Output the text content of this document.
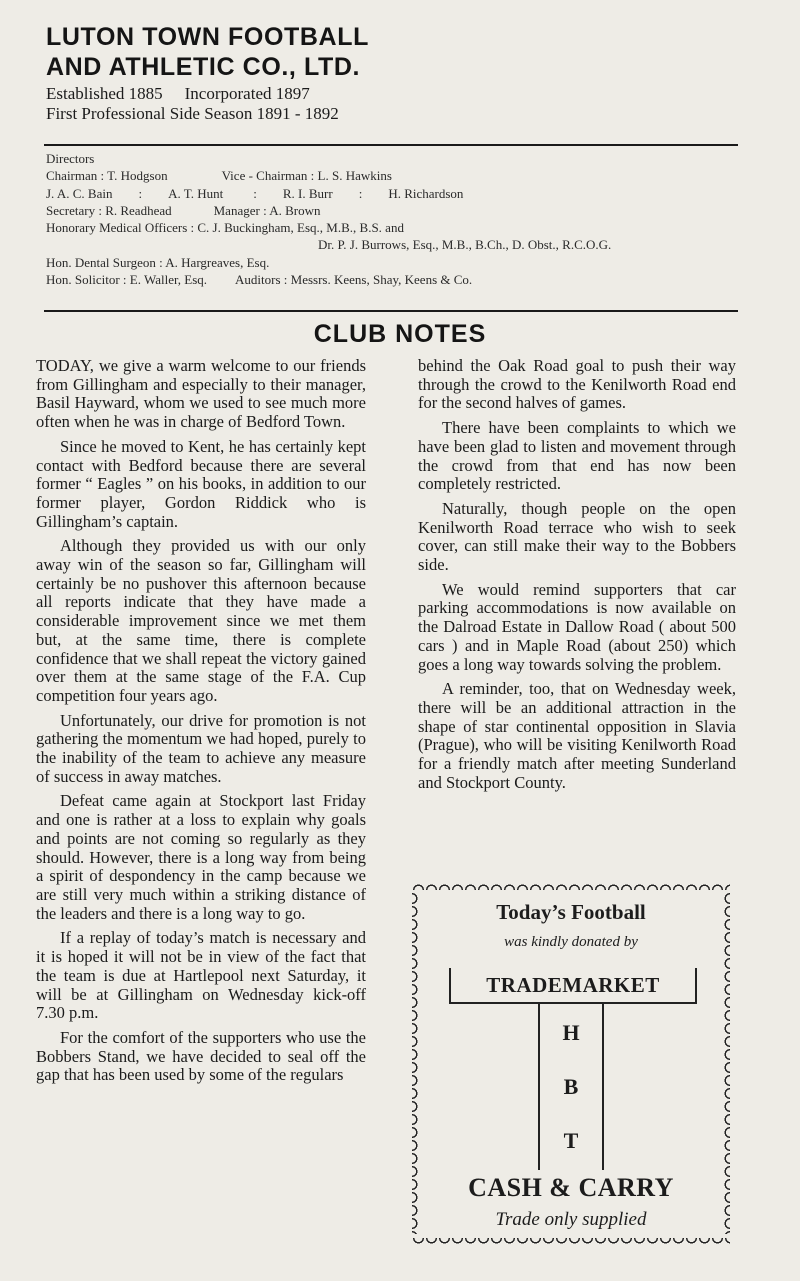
LUTON TOWN FOOTBALL
AND ATHLETIC CO., LTD.
Established 1885 Incorporated 1897
First Professional Side Season 1891 - 1892
Directors
Chairman : T. Hodgson	Vice - Chairman : L. S. Hawkins
J. A. C. Bain : A. T. Hunt : R. I. Burr : H. Richardson
Secretary : R. Readhead	Manager : A. Brown
Honorary Medical Officers : C. J. Buckingham, Esq., M.B., B.S. and
Dr. P. J. Burrows, Esq., M.B., B.Ch., D. Obst., R.C.O.G.
Hon. Dental Surgeon : A. Hargreaves, Esq.
Hon. Solicitor : E. Waller, Esq. Auditors : Messrs. Keens, Shay, Keens & Co.
CLUB NOTES

TODAY, we give a warm welcome to our friends from Gillingham and especially to their manager, Basil Hayward, whom we used to see much more often when he was in charge of Bedford Town.

Since he moved to Kent, he has certainly kept contact with Bedford because there are several former “ Eagles ” on his books, in addition to our former player, Gordon Riddick who is Gillingham’s captain.

Although they provided us with our only away win of the season so far, Gillingham will certainly be no pushover this afternoon because all reports indicate that they have made a considerable improvement since we met them but, at the same time, there is complete confidence that we shall repeat the victory gained over them at the same stage of the F.A. Cup competition four years ago.

Unfortunately, our drive for promotion is not gathering the momentum we had hoped, purely to the inability of the team to achieve any measure of success in away matches.

Defeat came again at Stockport last Friday and one is rather at a loss to explain why goals and points are not coming so regularly as they should. However, there is a long way from being a spirit of despondency in the camp because we are still very much within a striking distance of the leaders and there is a long way to go.

If a replay of today’s match is necessary and it is hoped it will not be in view of the fact that the team is due at Hartlepool next Saturday, it will be at Gillingham on Wednesday kick-off 7.30 p.m.

For the comfort of the supporters who use the Bobbers Stand, we have decided to seal off the gap that has been used by some of the regulars

behind the Oak Road goal to push their way through the crowd to the Kenilworth Road end for the second halves of games.

There have been complaints to which we have been glad to listen and movement through the crowd from that end has now been completely restricted.

Naturally, though people on the open Kenilworth Road terrace who wish to seek cover, can still make their way to the Bobbers side.

We would remind supporters that car parking accommodations is now available on the Dalroad Estate in Dallow Road ( about 500 cars ) and in Maple Road (about 250) which goes a long way towards solving the problem.

A reminder, too, that on Wednesday week, there will be an additional attraction in the shape of star continental opposition in Slavia (Prague), who will be visiting Kenilworth Road for a friendly match after meeting Sunderland and Stockport County.

Today’s Football
was kindly donated by
TRADEMARKET
H
B
T
CASH & CARRY
Trade only supplied
